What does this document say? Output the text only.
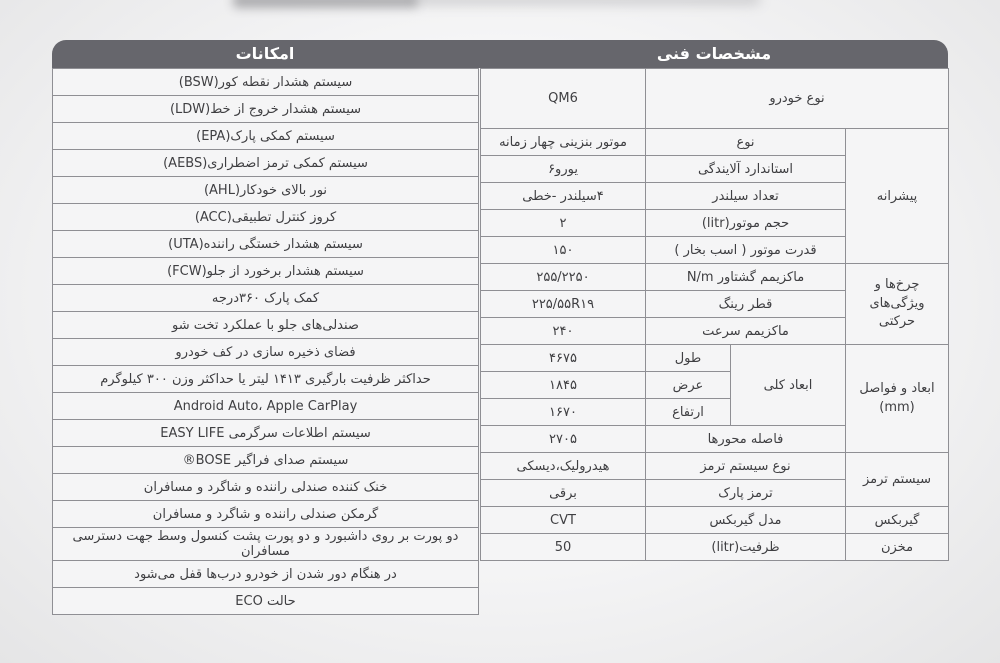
مشخصات فنی
امکانات
سیستم هشدار نقطه کور(BSW)
سیستم هشدار خروج از خط(LDW)
سیستم کمکی پارک(EPA)
سیستم کمکی ترمز اضطراری(AEBS)
نور بالای خودکار(AHL)
کروز کنترل تطبیقی(ACC)
سیستم هشدار خستگی راننده(UTA)
سیستم هشدار برخورد از جلو(FCW)
کمک پارک ۳۶۰درجه
صندلی‌های جلو با عملکرد تخت شو
فضای ذخیره سازی در کف خودرو
حداکثر ظرفیت بارگیری ۱۴۱۳ لیتر یا حداکثر وزن ۳۰۰ کیلوگرم
Android Auto، Apple CarPlay
سیستم اطلاعات سرگرمی EASY LIFE
سیستم صدای فراگیر BOSE®
خنک کننده صندلی راننده و شاگرد و مسافران
گرمکن صندلی راننده و شاگرد و مسافران
دو پورت بر روی داشبورد و دو پورت پشت کنسول وسط جهت دسترسی مسافران
در هنگام دور شدن از خودرو درب‌ها قفل می‌شود
حالت ECO
نوع خودرو			QM6
پیشرانه	نوع		موتور بنزینی چهار زمانه
	استاندارد آلایندگی		یورو۶
	تعداد سیلندر		۴سیلندر -خطی
	حجم موتور(litr)		۲
	قدرت موتور ( اسب بخار )		۱۵۰

چرخ‌ها و
ویژگی‌های حرکتی	ماکزیمم گشتاور N/m		۲۵۵/۲۲۵۰
	قطر رینگ		۲۲۵/۵۵R۱۹
	ماکزیمم سرعت		۲۴۰

ابعاد و فواصل
(mm)	ابعاد کلی	طول	۴۶۷۵
		عرض	۱۸۴۵
		ارتفاع	۱۶۷۰
	فاصله محورها		۲۷۰۵
سیستم ترمز	نوع سیستم ترمز		هیدرولیک،دیسکی
	ترمز پارک		برقی
گیربکس	مدل گیربکس		CVT
مخزن	ظرفیت(litr)		50
